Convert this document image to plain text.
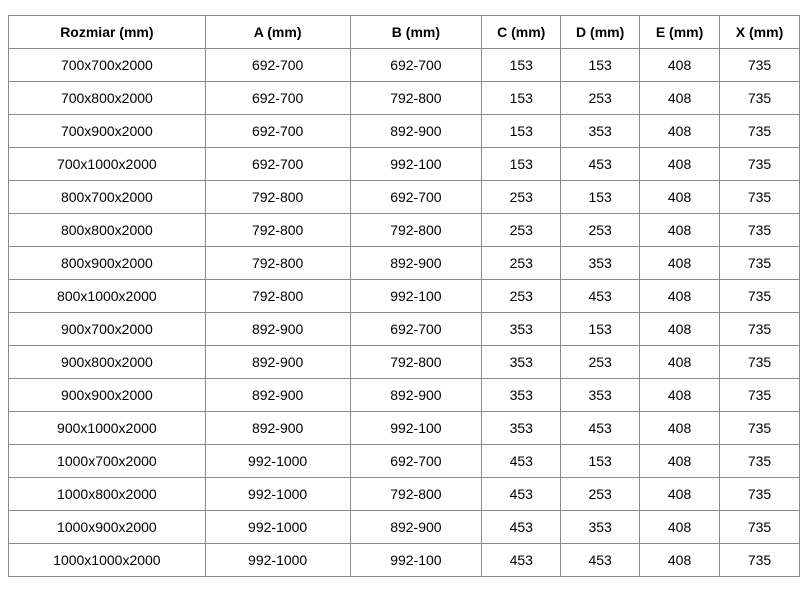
Rozmiar (mm)	A (mm)	B (mm)	C (mm)	D (mm)	E (mm)	X (mm)
700x700x2000	692-700	692-700	153	153	408	735
700x800x2000	692-700	792-800	153	253	408	735
700x900x2000	692-700	892-900	153	353	408	735
700x1000x2000	692-700	992-100	153	453	408	735
800x700x2000	792-800	692-700	253	153	408	735
800x800x2000	792-800	792-800	253	253	408	735
800x900x2000	792-800	892-900	253	353	408	735
800x1000x2000	792-800	992-100	253	453	408	735
900x700x2000	892-900	692-700	353	153	408	735
900x800x2000	892-900	792-800	353	253	408	735
900x900x2000	892-900	892-900	353	353	408	735
900x1000x2000	892-900	992-100	353	453	408	735
1000x700x2000	992-1000	692-700	453	153	408	735
1000x800x2000	992-1000	792-800	453	253	408	735
1000x900x2000	992-1000	892-900	453	353	408	735
1000x1000x2000	992-1000	992-100	453	453	408	735
